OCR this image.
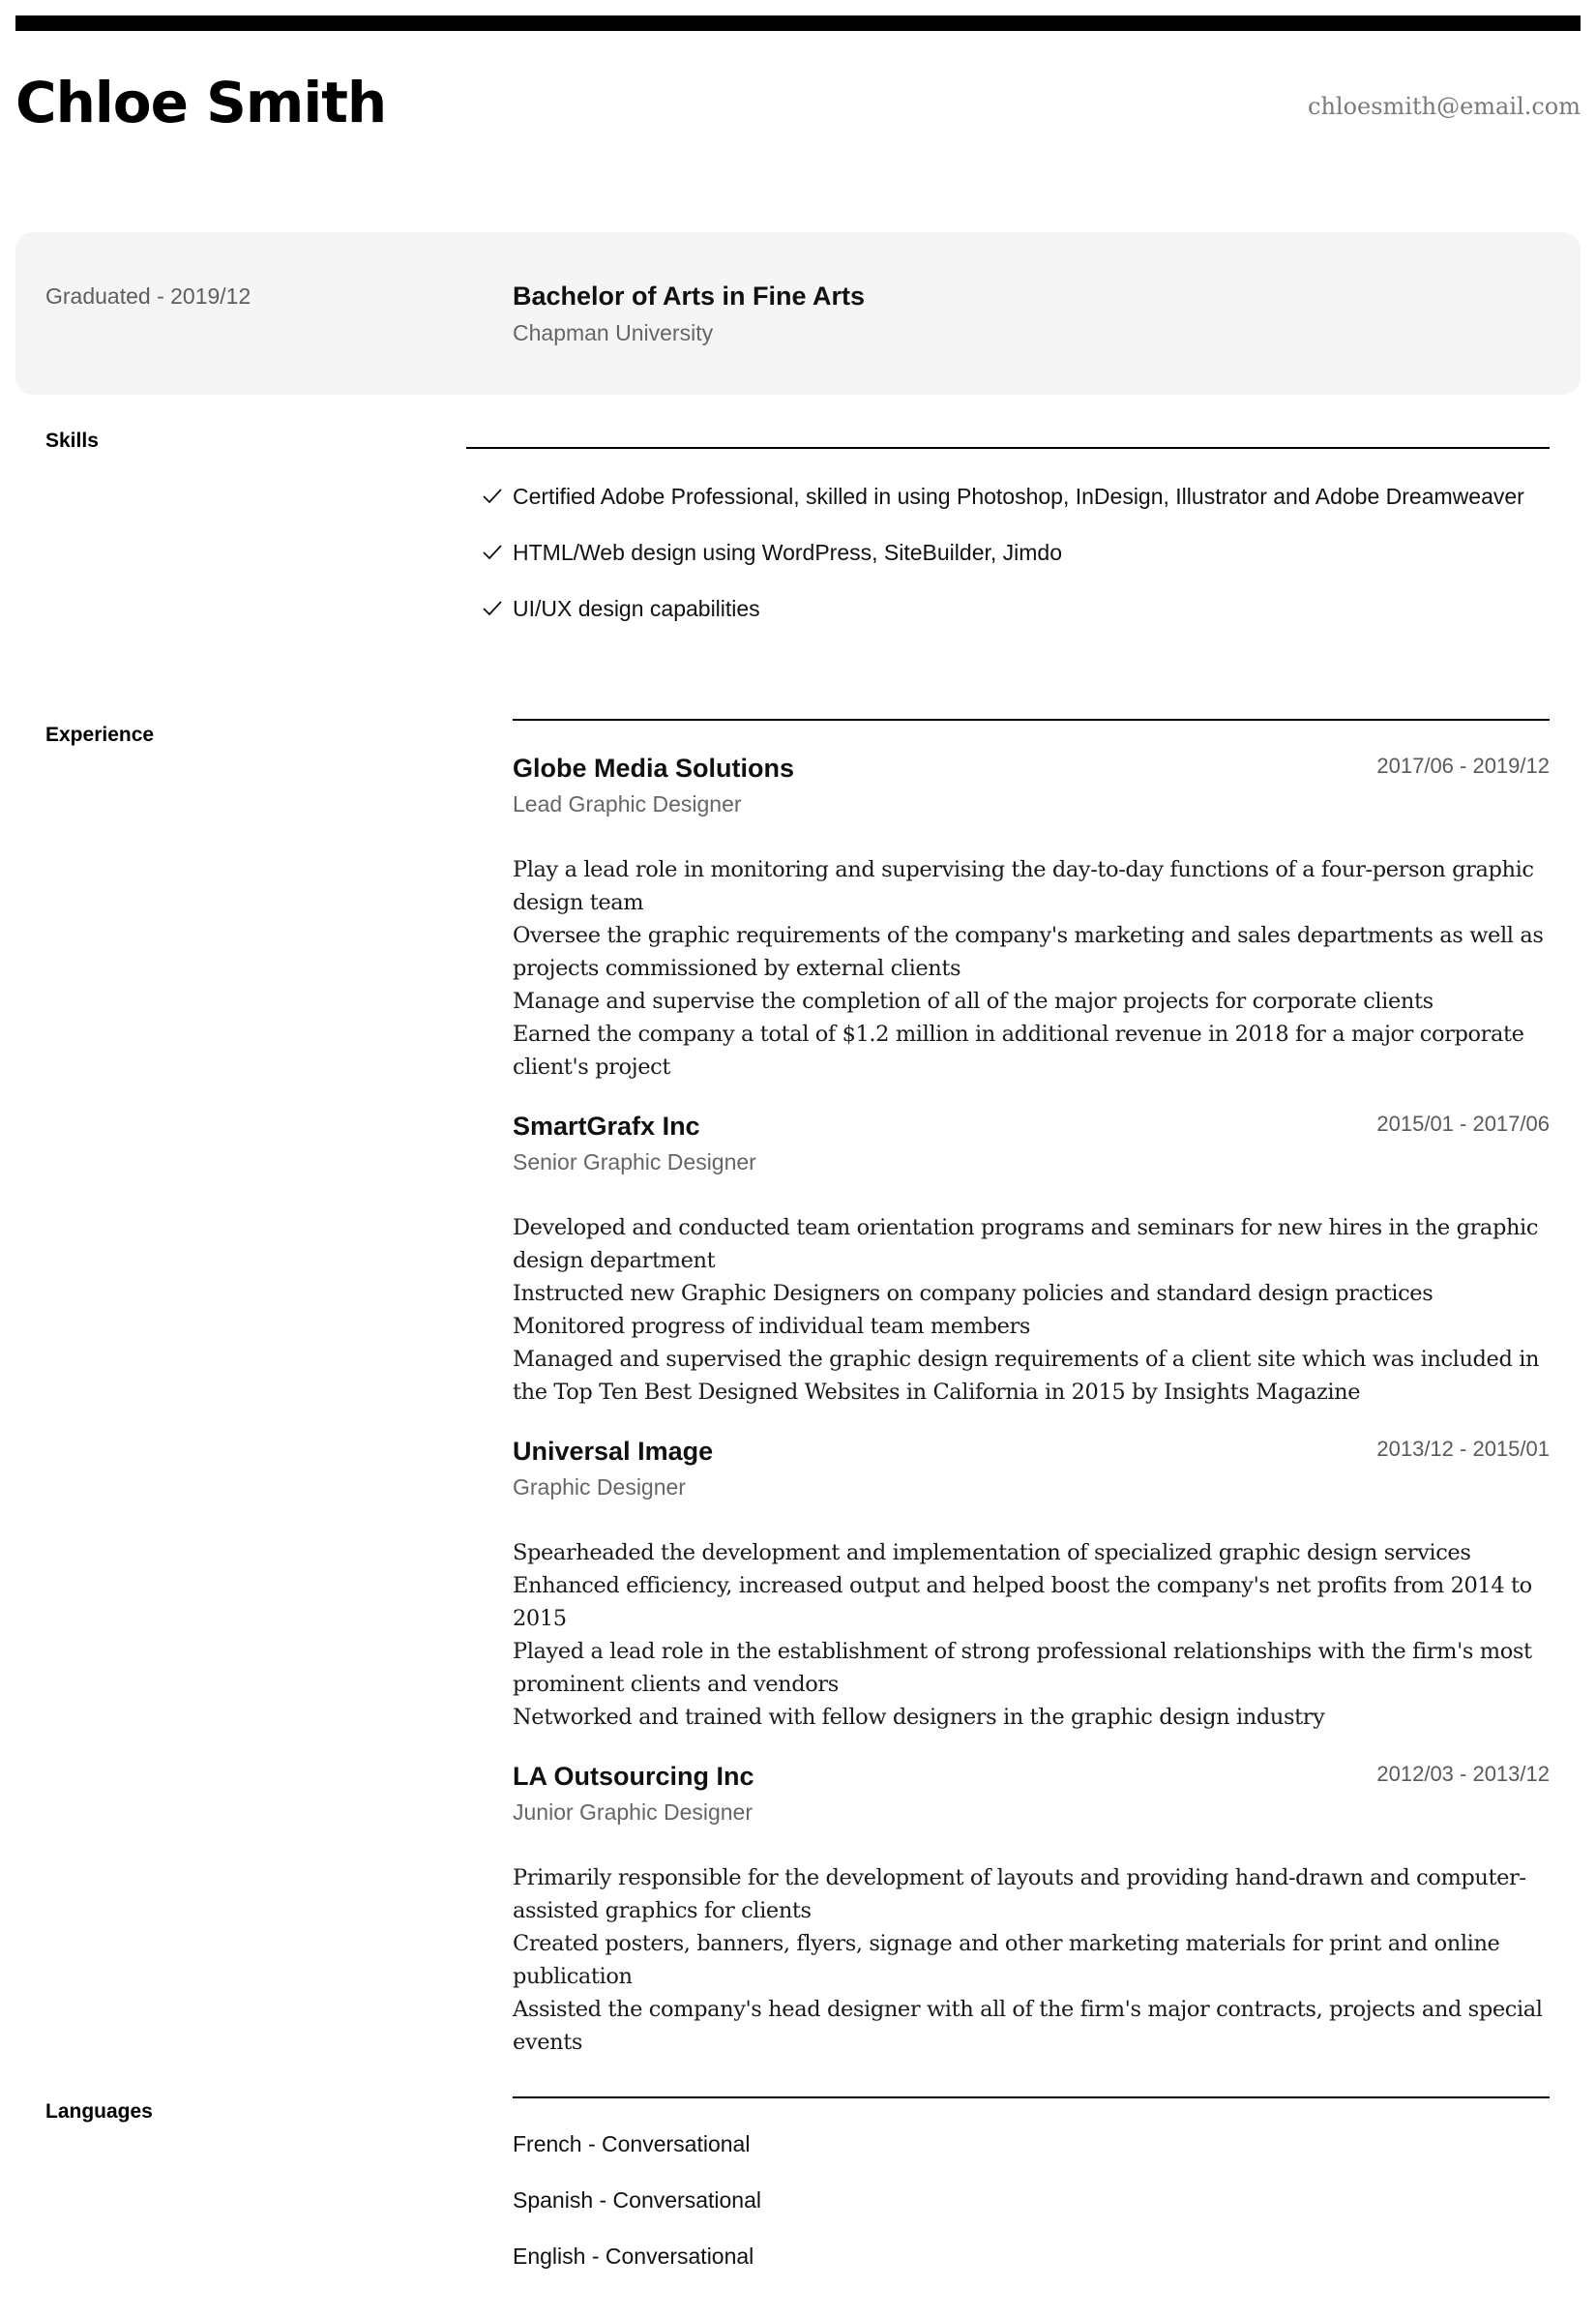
Chloe Smith	chloesmith@email.com
Graduated - 2019/12	Bachelor of Arts in Fine Arts
Chapman University
Skills
Certified Adobe Professional, skilled in using Photoshop, InDesign, Illustrator and Adobe Dreamweaver
HTML/Web design using WordPress, SiteBuilder, Jimdo
UI/UX design capabilities
Experience
Globe Media Solutions	2017/06 - 2019/12
Lead Graphic Designer
Play a lead role in monitoring and supervising the day-to-day functions of a four-person graphic design team
Oversee the graphic requirements of the company's marketing and sales departments as well as projects commissioned by external clients
Manage and supervise the completion of all of the major projects for corporate clients
Earned the company a total of $1.2 million in additional revenue in 2018 for a major corporate client's project
SmartGrafx Inc	2015/01 - 2017/06
Senior Graphic Designer
Developed and conducted team orientation programs and seminars for new hires in the graphic design department
Instructed new Graphic Designers on company policies and standard design practices
Monitored progress of individual team members
Managed and supervised the graphic design requirements of a client site which was included in the Top Ten Best Designed Websites in California in 2015 by Insights Magazine
Universal Image	2013/12 - 2015/01
Graphic Designer
Spearheaded the development and implementation of specialized graphic design services
Enhanced efficiency, increased output and helped boost the company's net profits from 2014 to 2015
Played a lead role in the establishment of strong professional relationships with the firm's most prominent clients and vendors
Networked and trained with fellow designers in the graphic design industry
LA Outsourcing Inc	2012/03 - 2013/12
Junior Graphic Designer
Primarily responsible for the development of layouts and providing hand-drawn and computer-assisted graphics for clients
Created posters, banners, flyers, signage and other marketing materials for print and online publication
Assisted the company's head designer with all of the firm's major contracts, projects and special events
Languages
French - Conversational
Spanish - Conversational
English - Conversational
